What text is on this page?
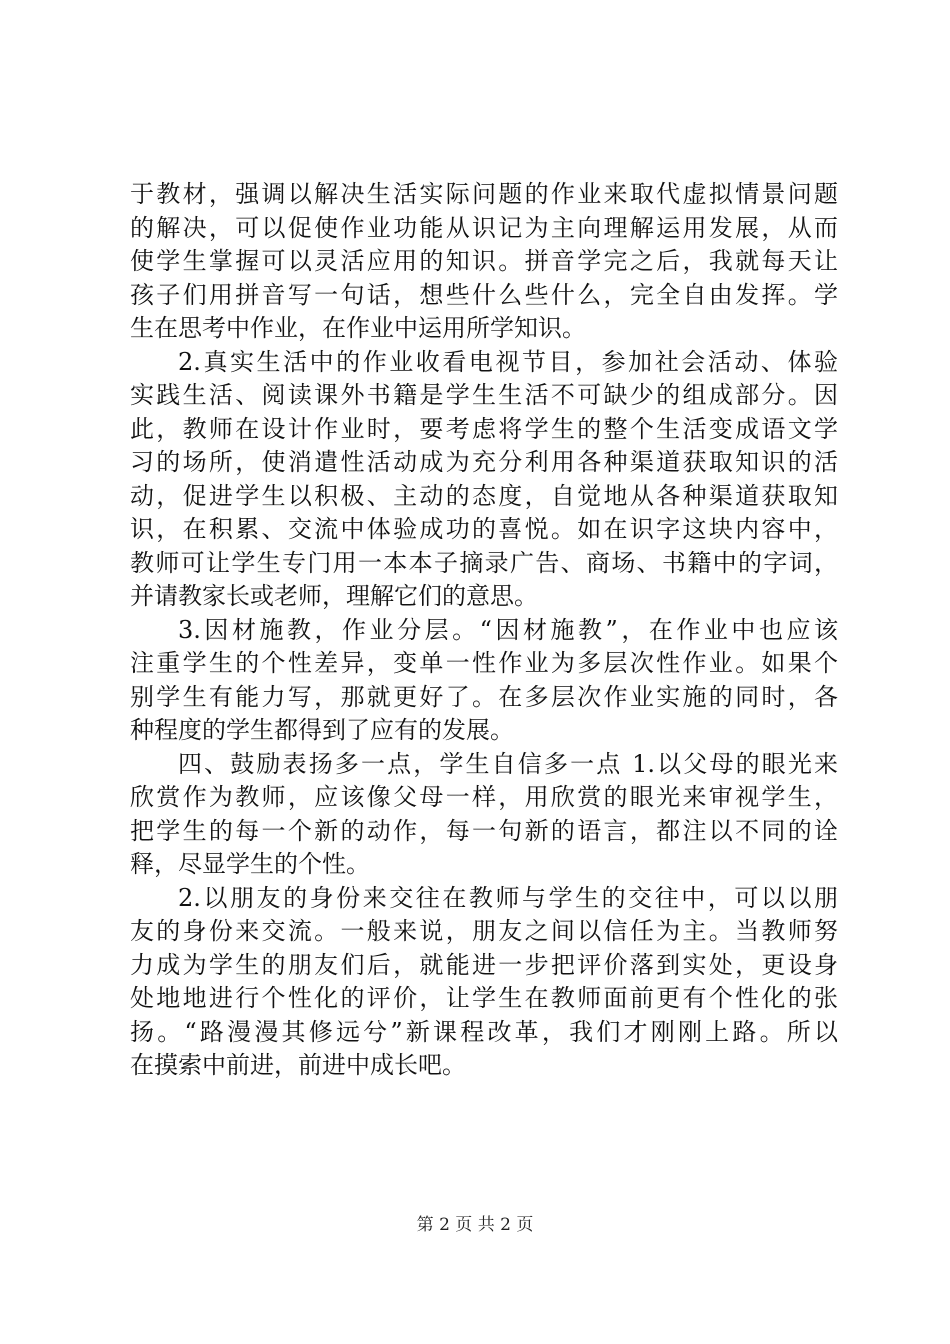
于教材，强调以解决生活实际问题的作业来取代虚拟情景问题
的解决，可以促使作业功能从识记为主向理解运用发展，从而
使学生掌握可以灵活应用的知识。拼音学完之后，我就每天让
孩子们用拼音写一句话，想些什么些什么，完全自由发挥。学
生在思考中作业，在作业中运用所学知识。
2.真实生活中的作业收看电视节目，参加社会活动、体验
实践生活、阅读课外书籍是学生生活不可缺少的组成部分。因
此，教师在设计作业时，要考虑将学生的整个生活变成语文学
习的场所，使消遣性活动成为充分利用各种渠道获取知识的活
动，促进学生以积极、主动的态度，自觉地从各种渠道获取知
识，在积累、交流中体验成功的喜悦。如在识字这块内容中，
教师可让学生专门用一本本子摘录广告、商场、书籍中的字词，
并请教家长或老师，理解它们的意思。
3.因材施教，作业分层。“因材施教”，在作业中也应该
注重学生的个性差异，变单一性作业为多层次性作业。如果个
别学生有能力写，那就更好了。在多层次作业实施的同时，各
种程度的学生都得到了应有的发展。
四、鼓励表扬多一点，学生自信多一点 1.以父母的眼光来
欣赏作为教师，应该像父母一样，用欣赏的眼光来审视学生，
把学生的每一个新的动作，每一句新的语言，都注以不同的诠
释，尽显学生的个性。
2.以朋友的身份来交往在教师与学生的交往中，可以以朋
友的身份来交流。一般来说，朋友之间以信任为主。当教师努
力成为学生的朋友们后，就能进一步把评价落到实处，更设身
处地地进行个性化的评价，让学生在教师面前更有个性化的张
扬。“路漫漫其修远兮”新课程改革，我们才刚刚上路。所以
在摸索中前进，前进中成长吧。
第 2 页 共 2 页
